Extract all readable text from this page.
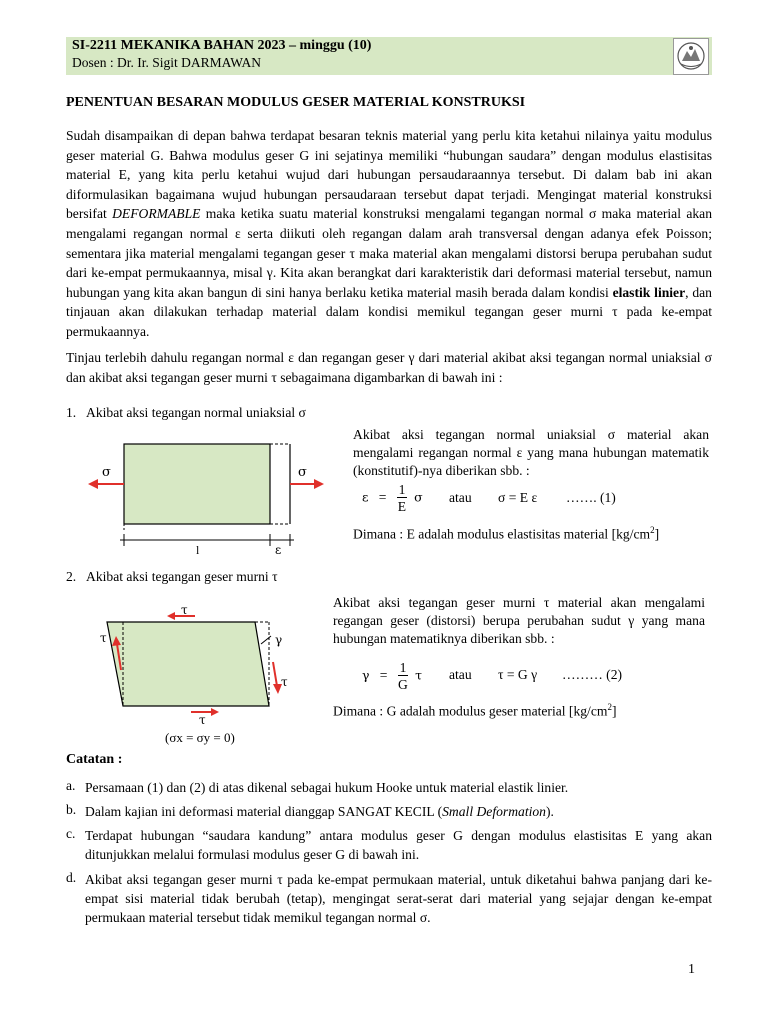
SI-2211 MEKANIKA BAHAN 2023 – minggu (10)
Dosen : Dr. Ir. Sigit DARMAWAN
PENENTUAN BESARAN MODULUS GESER MATERIAL KONSTRUKSI

Sudah disampaikan di depan bahwa terdapat besaran teknis material yang perlu kita ketahui nilainya yaitu modulus geser material G. Bahwa modulus geser G ini sejatinya memiliki “hubungan saudara” dengan modulus elastisitas material E, yang kita perlu ketahui wujud dari hubungan persaudaraannya tersebut. Di dalam bab ini akan diformulasikan bagaimana wujud hubungan persaudaraan tersebut dapat terjadi. Mengingat material konstruksi bersifat DEFORMABLE maka ketika suatu material konstruksi mengalami tegangan normal σ maka material akan mengalami regangan normal ε serta diikuti oleh regangan dalam arah transversal dengan adanya efek Poisson; sementara jika material mengalami tegangan geser τ maka material akan mengalami distorsi berupa perubahan sudut dari ke-empat permukaannya, misal γ. Kita akan berangkat dari karakteristik dari deformasi material tersebut, namun hubungan yang kita akan bangun di sini hanya berlaku ketika material masih berada dalam kondisi elastik linier, dan tinjauan akan dilakukan terhadap material dalam kondisi memikul tegangan geser murni τ pada ke-empat permukaannya.

Tinjau terlebih dahulu regangan normal ε dan regangan geser γ dari material akibat aksi tegangan normal uniaksial σ dan akibat aksi tegangan geser murni τ sebagaimana digambarkan di bawah ini :
1. Akibat aksi tegangan normal uniaksial σ
σ	σ
l	ε
Akibat aksi tegangan normal uniaksial σ material akan mengalami regangan normal ε yang mana hubungan matematik (konstitutif)-nya diberikan sbb. :
$\varepsilon = \frac{1}{E}$ σ atau σ = E ε ……. (1)
Dimana : E adalah modulus elastisitas material $[kg/cm^2]$
2. Akibat aksi tegangan geser murni τ
τ
τ
τ
τ
γ
(σx = σy = 0)
Akibat aksi tegangan geser murni τ material akan mengalami regangan geser (distorsi) berupa perubahan sudut γ yang mana hubungan matematiknya diberikan sbb. :
$\gamma = \frac{1}{G}$ τ atau τ = G γ ……… (2)
Dimana : G adalah modulus geser material $[kg/cm^2]$
Catatan :
a. Persamaan (1) dan (2) di atas dikenal sebagai hukum Hooke untuk material elastik linier.
b. Dalam kajian ini deformasi material dianggap SANGAT KECIL (Small Deformation).
c. Terdapat hubungan “saudara kandung” antara modulus geser G dengan modulus elastisitas E yang akan ditunjukkan melalui formulasi modulus geser G di bawah ini.
d. Akibat aksi tegangan geser murni τ pada ke-empat permukaan material, untuk diketahui bahwa panjang dari ke-empat sisi material tidak berubah (tetap), mengingat serat-serat dari material yang sejajar dengan ke-empat permukaan material tersebut tidak memikul tegangan normal σ.
1
